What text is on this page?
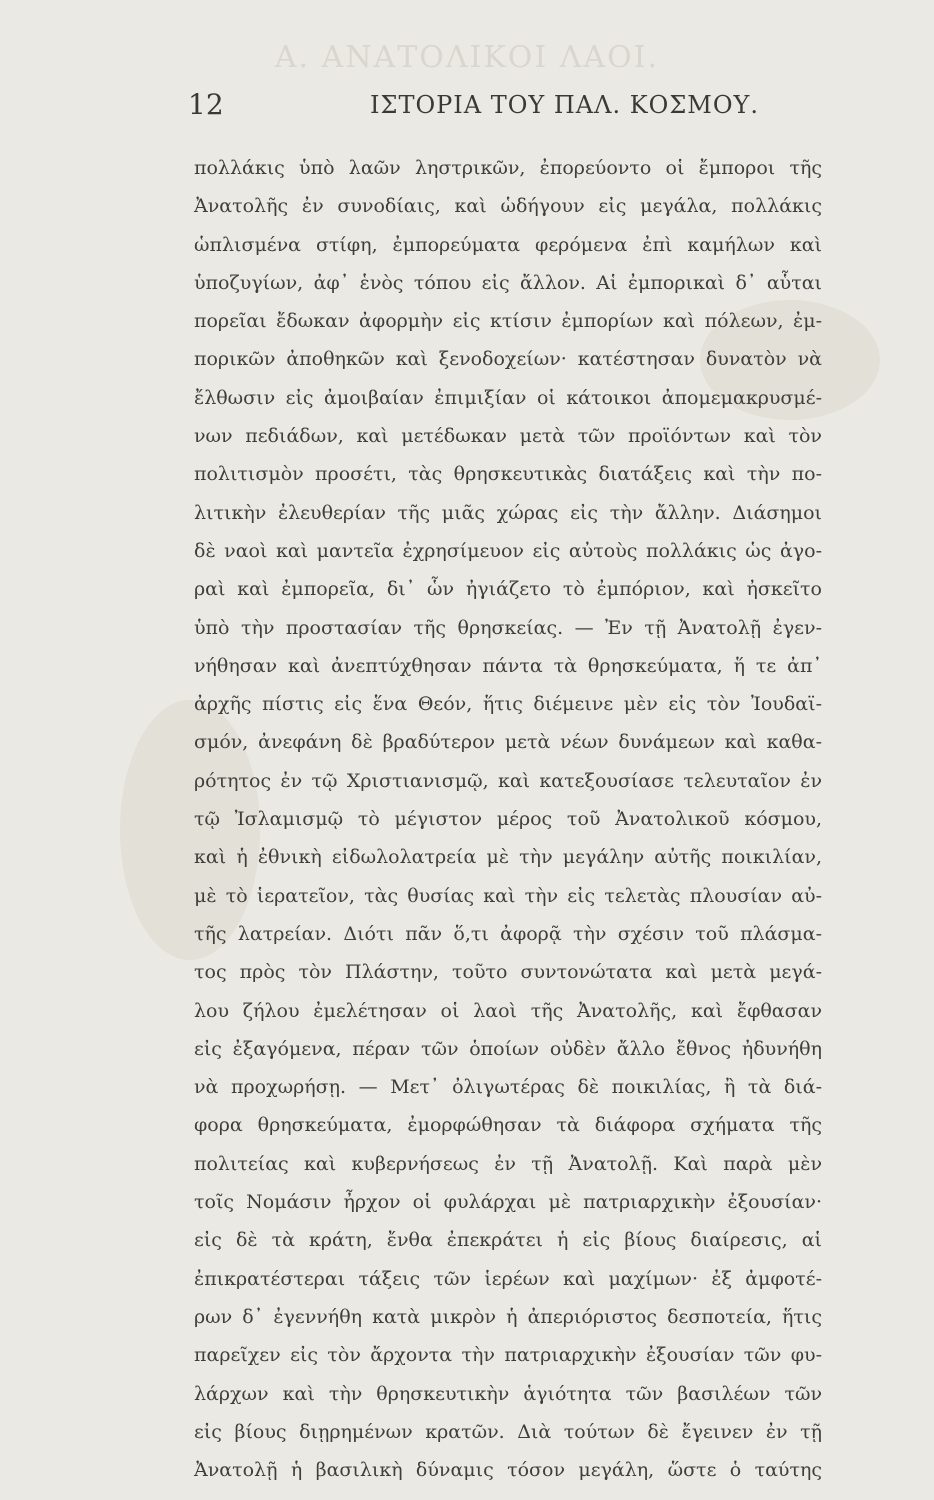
Α. ΑΝΑΤΟΛΙΚΟΙ ΛΑΟΙ.
12	ΙΣΤΟΡΙΑ ΤΟΥ ΠΑΛ. ΚΟΣΜΟΥ.
πολλάκις ὑπὸ λαῶν ληστρικῶν, ἐπορεύοντο οἱ ἔμποροι τῆς
Ἀνατολῆς ἐν συνοδίαις, καὶ ὡδήγουν εἰς μεγάλα, πολλάκις
ὡπλισμένα στίφη, ἐμπορεύματα φερόμενα ἐπὶ καμήλων καὶ
ὑποζυγίων, ἀφ᾽ ἑνὸς τόπου εἰς ἄλλον. Αἱ ἐμπορικαὶ δ᾽ αὗται
πορεῖαι ἔδωκαν ἀφορμὴν εἰς κτίσιν ἐμπορίων καὶ πόλεων, ἐμ-
πορικῶν ἀποθηκῶν καὶ ξενοδοχείων· κατέστησαν δυνατὸν νὰ
ἔλθωσιν εἰς ἀμοιβαίαν ἐπιμιξίαν οἱ κάτοικοι ἀπομεμακρυσμέ-
νων πεδιάδων, καὶ μετέδωκαν μετὰ τῶν προϊόντων καὶ τὸν
πολιτισμὸν προσέτι, τὰς θρησκευτικὰς διατάξεις καὶ τὴν πο-
λιτικὴν ἐλευθερίαν τῆς μιᾶς χώρας εἰς τὴν ἄλλην. Διάσημοι
δὲ ναοὶ καὶ μαντεῖα ἐχρησίμευον εἰς αὐτοὺς πολλάκις ὡς ἀγο-
ραὶ καὶ ἐμπορεῖα, δι᾽ ὧν ἠγιάζετο τὸ ἐμπόριον, καὶ ἠσκεῖτο
ὑπὸ τὴν προστασίαν τῆς θρησκείας. — Ἐν τῇ Ἀνατολῇ ἐγεν-
νήθησαν καὶ ἀνεπτύχθησαν πάντα τὰ θρησκεύματα, ἥ τε ἀπ᾽
ἀρχῆς πίστις εἰς ἕνα Θεόν, ἥτις διέμεινε μὲν εἰς τὸν Ἰουδαϊ-
σμόν, ἀνεφάνη δὲ βραδύτερον μετὰ νέων δυνάμεων καὶ καθα-
ρότητος ἐν τῷ Χριστιανισμῷ, καὶ κατεξουσίασε τελευταῖον ἐν
τῷ Ἰσλαμισμῷ τὸ μέγιστον μέρος τοῦ Ἀνατολικοῦ κόσμου,
καὶ ἡ ἐθνικὴ εἰδωλολατρεία μὲ τὴν μεγάλην αὐτῆς ποικιλίαν,
μὲ τὸ ἱερατεῖον, τὰς θυσίας καὶ τὴν εἰς τελετὰς πλουσίαν αὐ-
τῆς λατρείαν. Διότι πᾶν ὅ,τι ἀφορᾷ τὴν σχέσιν τοῦ πλάσμα-
τος πρὸς τὸν Πλάστην, τοῦτο συντονώτατα καὶ μετὰ μεγά-
λου ζήλου ἐμελέτησαν οἱ λαοὶ τῆς Ἀνατολῆς, καὶ ἔφθασαν
εἰς ἐξαγόμενα, πέραν τῶν ὁποίων οὐδὲν ἄλλο ἔθνος ἠδυνήθη
νὰ προχωρήσῃ. — Μετ᾽ ὀλιγωτέρας δὲ ποικιλίας, ἢ τὰ διά-
φορα θρησκεύματα, ἐμορφώθησαν τὰ διάφορα σχήματα τῆς
πολιτείας καὶ κυβερνήσεως ἐν τῇ Ἀνατολῇ. Καὶ παρὰ μὲν
τοῖς Νομάσιν ἦρχον οἱ φυλάρχαι μὲ πατριαρχικὴν ἐξουσίαν·
εἰς δὲ τὰ κράτη, ἔνθα ἐπεκράτει ἡ εἰς βίους διαίρεσις, αἱ
ἐπικρατέστεραι τάξεις τῶν ἱερέων καὶ μαχίμων· ἐξ ἀμφοτέ-
ρων δ᾽ ἐγεννήθη κατὰ μικρὸν ἡ ἀπεριόριστος δεσποτεία, ἥτις
παρεῖχεν εἰς τὸν ἄρχοντα τὴν πατριαρχικὴν ἐξουσίαν τῶν φυ-
λάρχων καὶ τὴν θρησκευτικὴν ἁγιότητα τῶν βασιλέων τῶν
εἰς βίους διῃρημένων κρατῶν. Διὰ τούτων δὲ ἔγεινεν ἐν τῇ
Ἀνατολῇ ἡ βασιλικὴ δύναμις τόσον μεγάλη, ὥστε ὁ ταύτης
